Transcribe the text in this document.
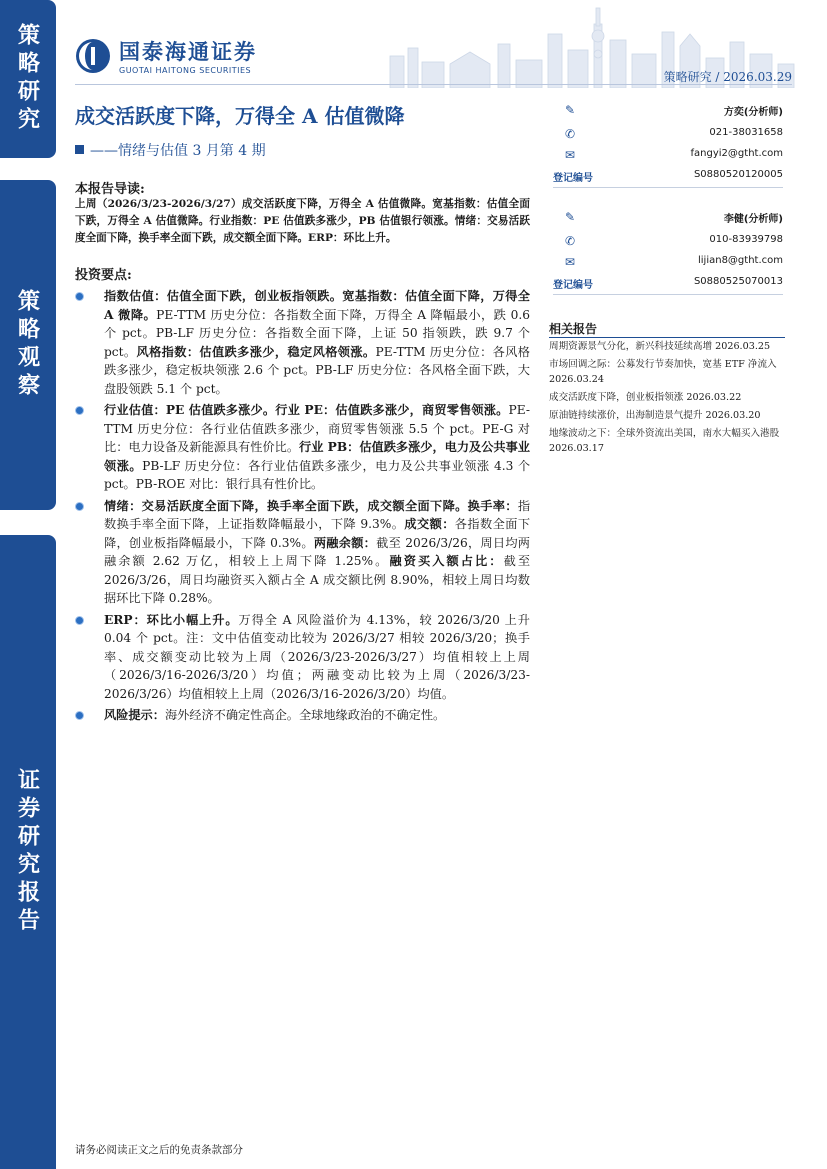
策略研究
策略观察
证券研究报告
国泰海通证券
GUOTAI HAITONG SECURITIES	策略研究 / 2026.03.29
成交活跃度下降，万得全 A 估值微降
——情绪与估值 3 月第 4 期
本报告导读:
上周（2026/3/23-2026/3/27）成交活跃度下降，万得全 A 估值微降。宽基指数：估值全面下跌，万得全 A 估值微降。行业指数：PE 估值跌多涨少，PB 估值银行领涨。情绪：交易活跃度全面下降，换手率全面下跌，成交额全面下降。ERP：环比上升。
投资要点:
指数估值：估值全面下跌，创业板指领跌。宽基指数：估值全面下降，万得全 A 微降。PE-TTM 历史分位：各指数全面下降，万得全 A 降幅最小，跌 0.6 个 pct。PB-LF 历史分位：各指数全面下降，上证 50 指领跌，跌 9.7 个 pct。风格指数：估值跌多涨少，稳定风格领涨。PE-TTM 历史分位：各风格跌多涨少，稳定板块领涨 2.6 个 pct。PB-LF 历史分位：各风格全面下跌，大盘股领跌 5.1 个 pct。
行业估值：PE 估值跌多涨少。行业 PE：估值跌多涨少，商贸零售领涨。PE-TTM 历史分位：各行业估值跌多涨少，商贸零售领涨 5.5 个 pct。PE-G 对比：电力设备及新能源具有性价比。行业 PB：估值跌多涨少，电力及公共事业领涨。PB-LF 历史分位：各行业估值跌多涨少，电力及公共事业领涨 4.3 个 pct。PB-ROE 对比：银行具有性价比。
情绪：交易活跃度全面下降，换手率全面下跌，成交额全面下降。换手率：指数换手率全面下降，上证指数降幅最小，下降 9.3%。成交额：各指数全面下降，创业板指降幅最小，下降 0.3%。两融余额：截至 2026/3/26，周日均两融余额 2.62 万亿，相较上上周下降 1.25%。融资买入额占比：截至 2026/3/26，周日均融资买入额占全 A 成交额比例 8.90%，相较上周日均数据环比下降 0.28%。
ERP：环比小幅上升。万得全 A 风险溢价为 4.13%，较 2026/3/20 上升 0.04 个 pct。注：文中估值变动比较为 2026/3/27 相较 2026/3/20；换手率、成交额变动比较为上周（2026/3/23-2026/3/27）均值相较上上周（2026/3/16-2026/3/20）均值；两融变动比较为上周（2026/3/23-2026/3/26）均值相较上上周（2026/3/16-2026/3/20）均值。
风险提示：海外经济不确定性高企。全球地缘政治的不确定性。
✎	方奕(分析师)
✆	021-38031658
✉	fangyi2@gtht.com
登记编号	S0880520120005
✎	李健(分析师)
✆	010-83939798
✉	lijian8@gtht.com
登记编号	S0880525070013
相关报告
周期资源景气分化，新兴科技延续高增 2026.03.25
市场回调之际：公募发行节奏加快，宽基 ETF 净流入 2026.03.24
成交活跃度下降，创业板指领涨 2026.03.22
原油链持续涨价，出海制造景气提升 2026.03.20
地缘波动之下：全球外资流出美国，南水大幅买入港股 2026.03.17
请务必阅读正文之后的免责条款部分
